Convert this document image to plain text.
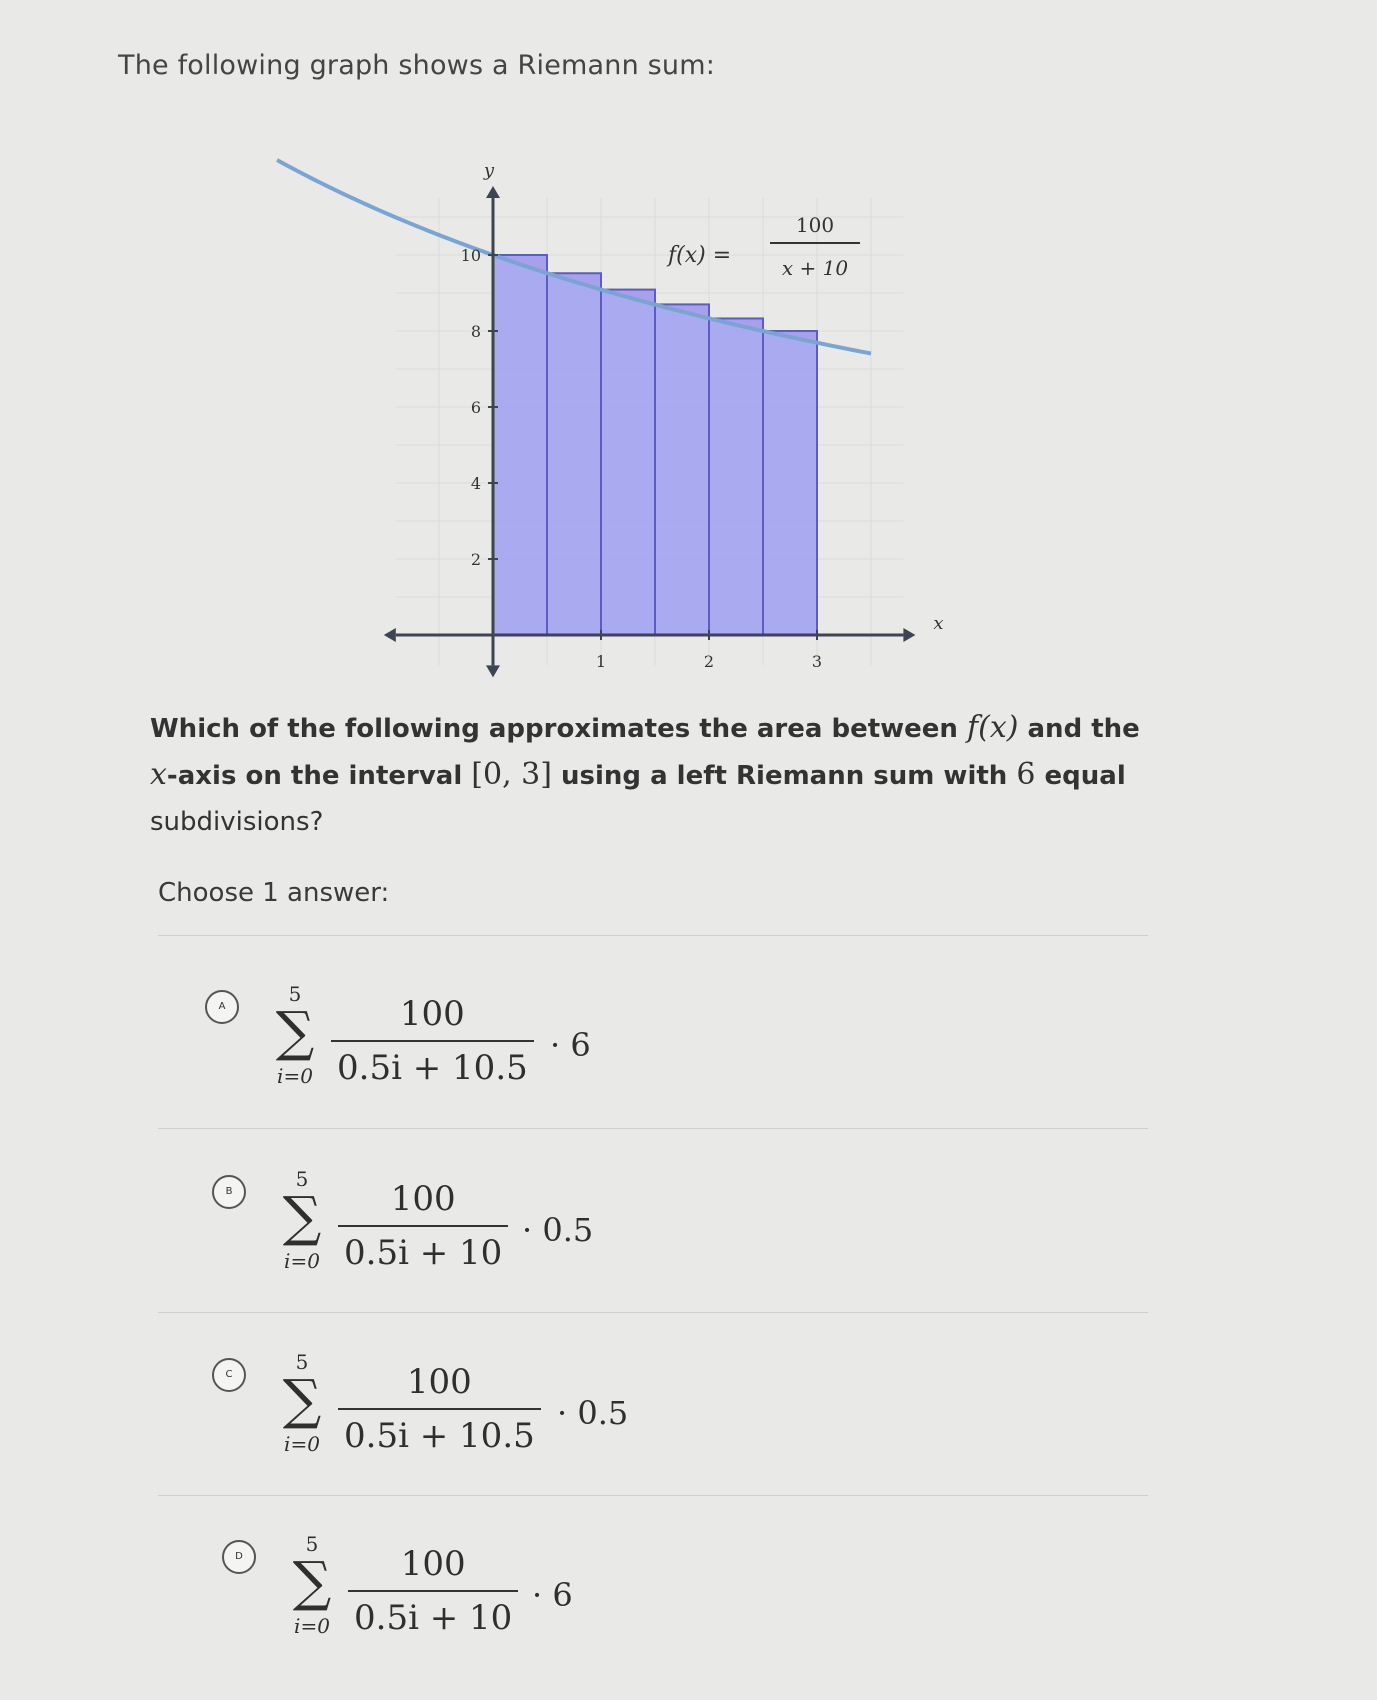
The following graph shows a Riemann sum:
1	2	3
2
4
6
8
10
x
y
f(x) =
100
x + 10
Which of the following approximates the area between f(x) and the x-axis on the interval [0, 3] using a left Riemann sum with 6 equal
subdivisions?
Choose 1 answer:
A
5
∑
$i=0 \frac{100}{0.5i + 10.5} \cdot 6$
B
5
∑
$i=0 \frac{100}{0.5i + 10} \cdot 0.5$
C
5
∑
$i=0 \frac{100}{0.5i + 10.5} \cdot 0.5$
D
5
∑
$i=0 \frac{100}{0.5i + 10} \cdot 6$
